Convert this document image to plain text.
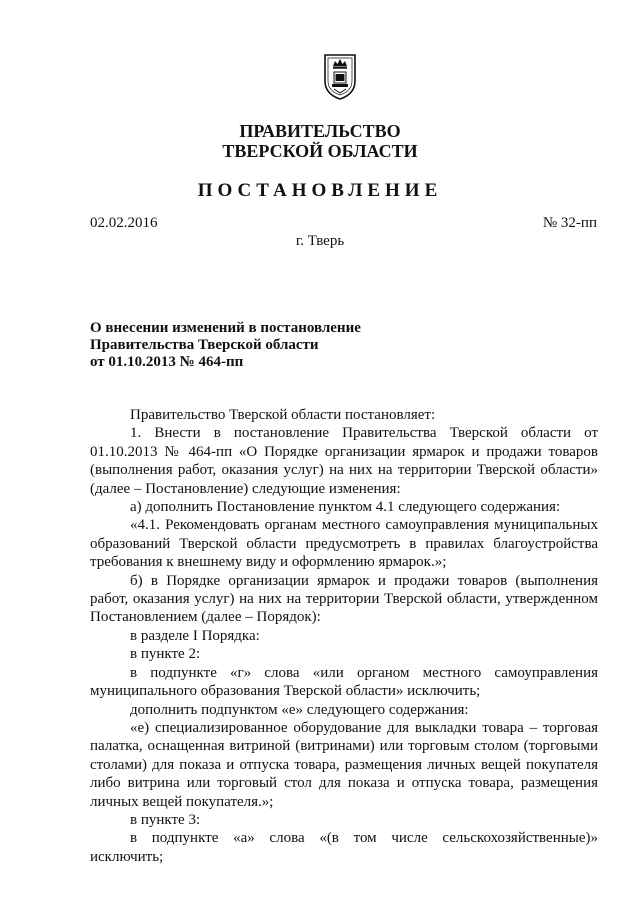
ПРАВИТЕЛЬСТВО
ТВЕРСКОЙ ОБЛАСТИ
ПОСТАНОВЛЕНИЕ
02.02.2016	№ 32-пп
г. Тверь
О внесении изменений в постановление
Правительства Тверской области
от 01.10.2013 № 464-пп

Правительство Тверской области постановляет:

1. Внести в постановление Правительства Тверской области от 01.10.2013 № 464-пп «О Порядке организации ярмарок и продажи товаров (выполнения работ, оказания услуг) на них на территории Тверской области» (далее – Постановление) следующие изменения:

а) дополнить Постановление пунктом 4.1 следующего содержания:

«4.1. Рекомендовать органам местного самоуправления муниципальных образований Тверской области предусмотреть в правилах благоустройства требования к внешнему виду и оформлению ярмарок.»;

б) в Порядке организации ярмарок и продажи товаров (выполнения работ, оказания услуг) на них на территории Тверской области, утвержденном Постановлением (далее – Порядок):

в разделе I Порядка:

в пункте 2:

в подпункте «г» слова «или органом местного самоуправления муниципального образования Тверской области» исключить;

дополнить подпунктом «е» следующего содержания:

«е) специализированное оборудование для выкладки товара – торговая палатка, оснащенная витриной (витринами) или торговым столом (торговыми столами) для показа и отпуска товара, размещения личных вещей покупателя либо витрина или торговый стол для показа и отпуска товара, размещения личных вещей покупателя.»;

в пункте 3:

в подпункте «а» слова «(в том числе сельскохозяйственные)» исключить;
